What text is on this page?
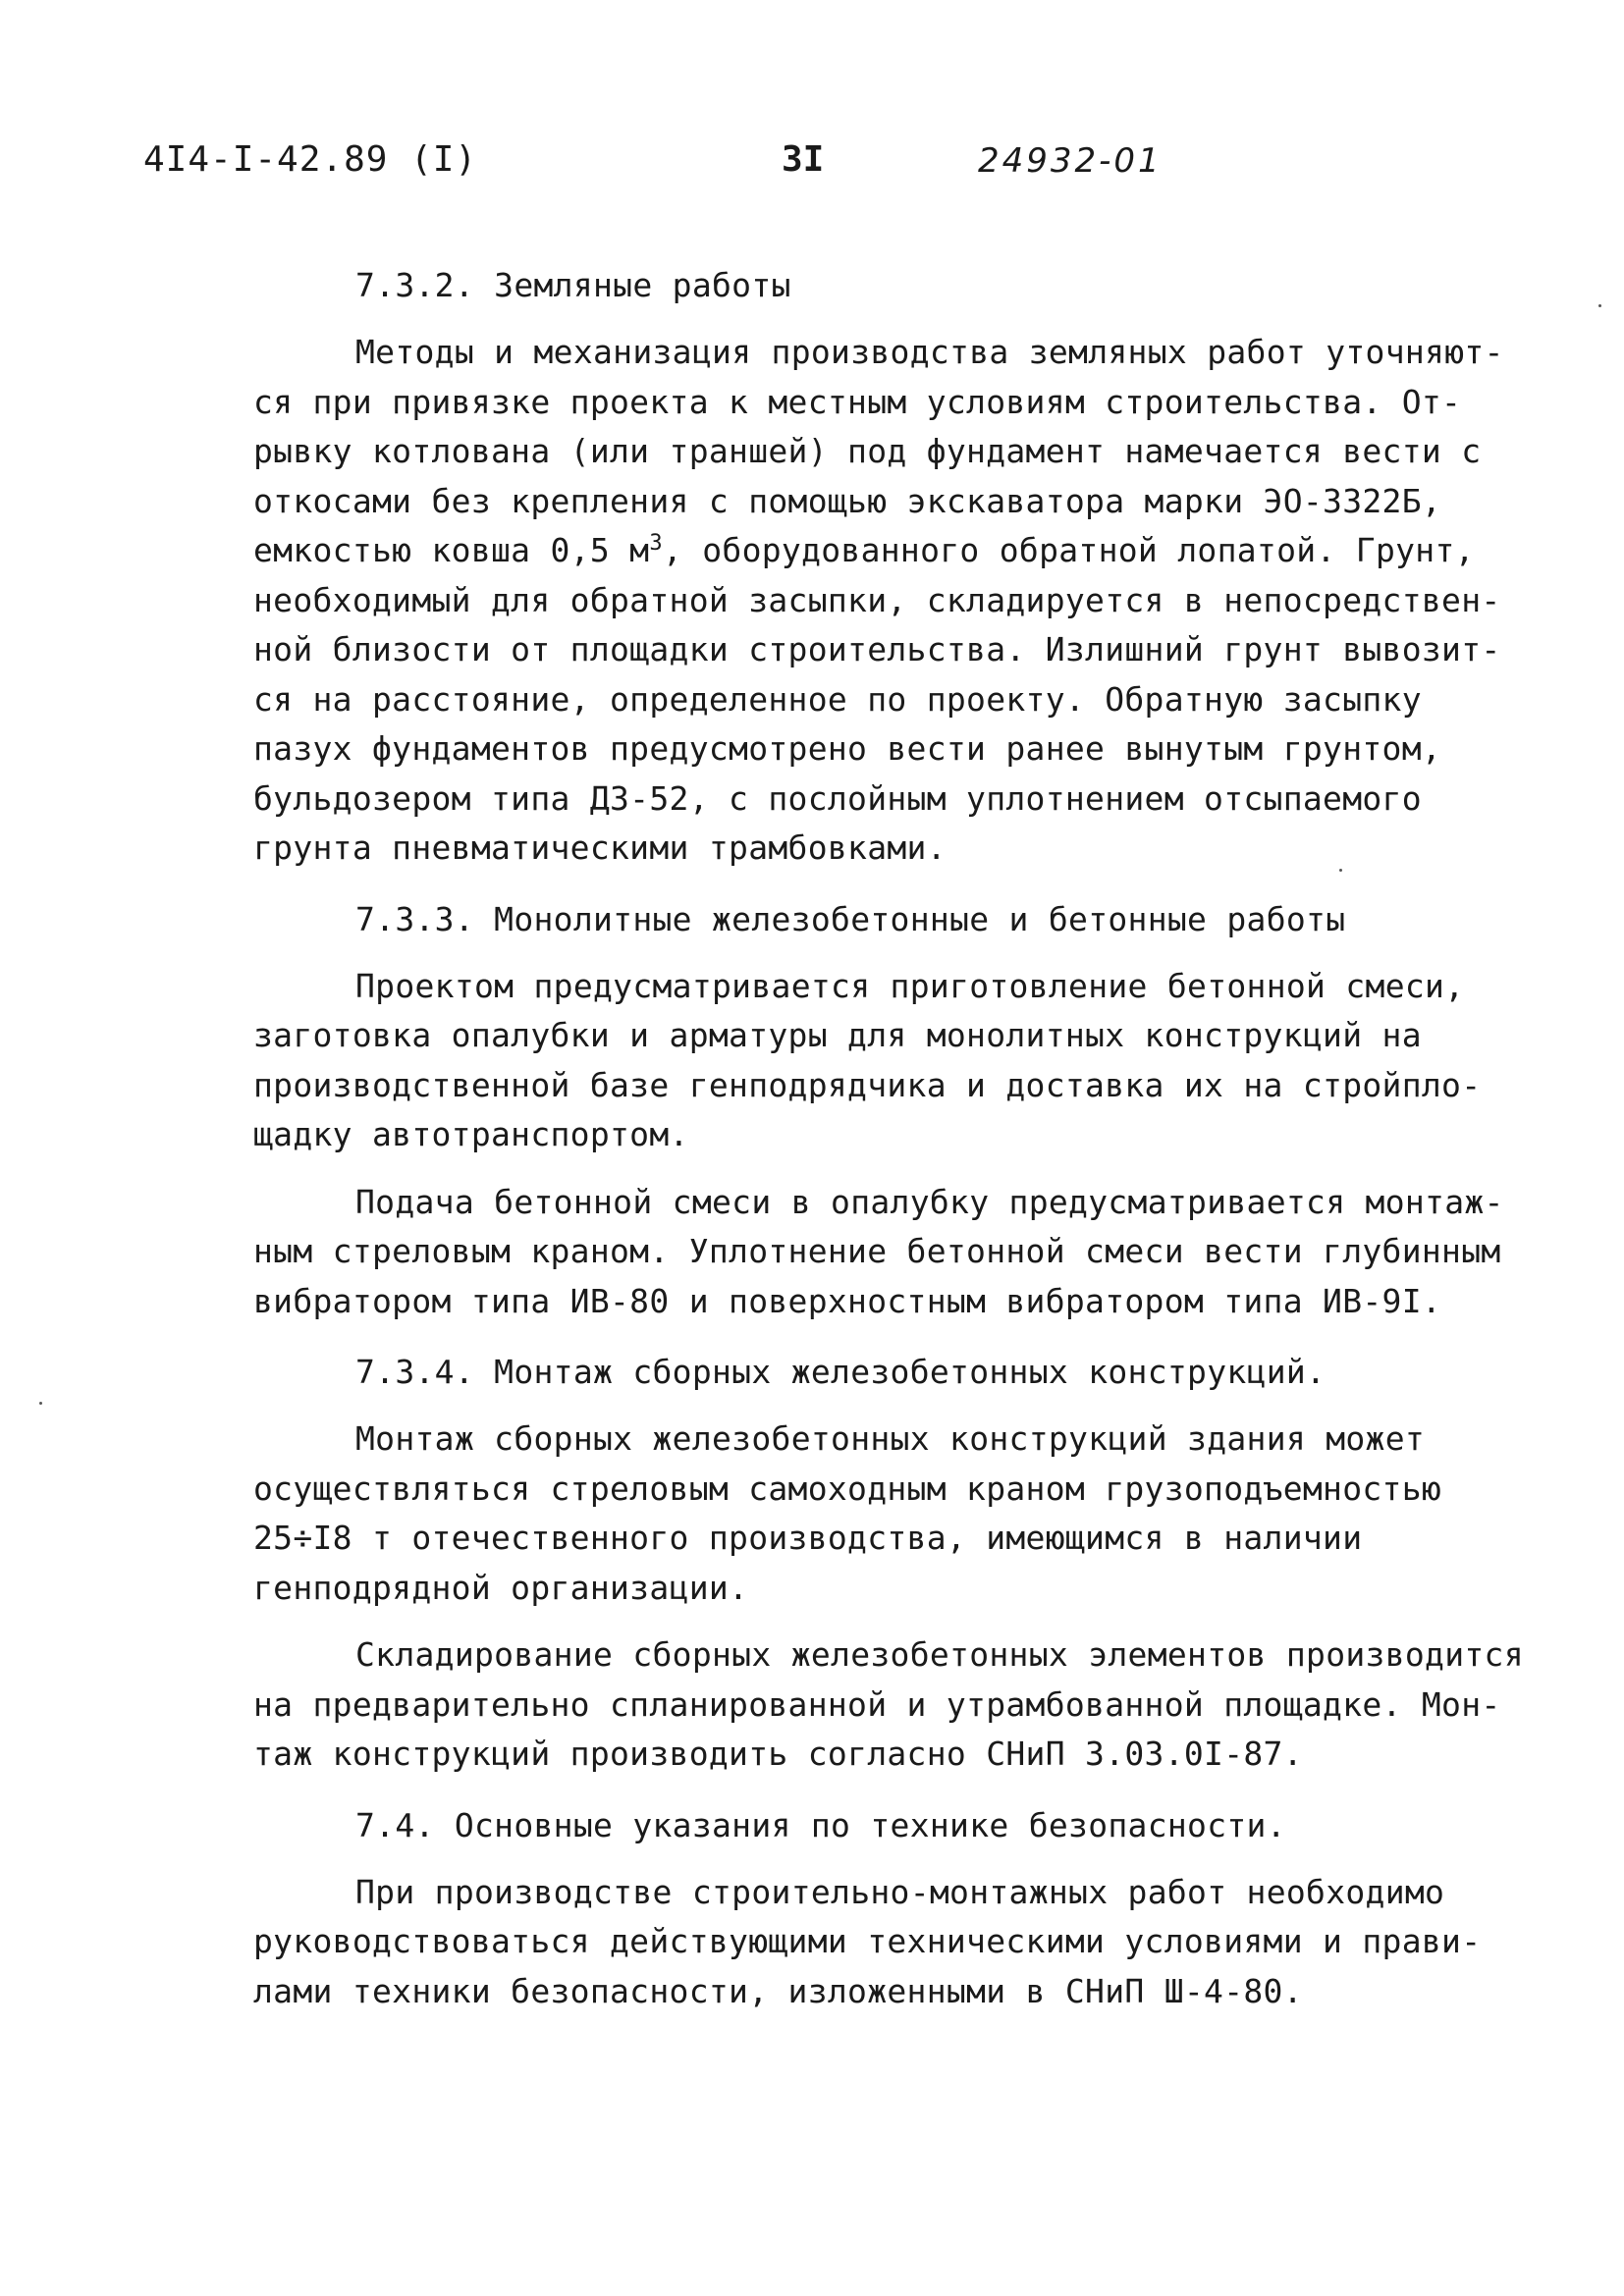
4I4-I-42.89 (I)	3I	24932-01
7.3.2. Земляные работы
Методы и механизация производства земляных работ уточняют-
ся при привязке проекта к местным условиям строительства. От-
рывку котлована (или траншей) под фундамент намечается вести с
откосами без крепления с помощью экскаватора марки ЭО-3322Б,
емкостью ковша 0,5 $м^3$, оборудованного обратной лопатой. Грунт,
необходимый для обратной засыпки, складируется в непосредствен-
ной близости от площадки строительства. Излишний грунт вывозит-
ся на расстояние, определенное по проекту. Обратную засыпку
пазух фундаментов предусмотрено вести ранее вынутым грунтом,
бульдозером типа ДЗ-52, с послойным уплотнением отсыпаемого
грунта пневматическими трамбовками.
7.3.3. Монолитные железобетонные и бетонные работы
Проектом предусматривается приготовление бетонной смеси,
заготовка опалубки и арматуры для монолитных конструкций на
производственной базе генподрядчика и доставка их на стройпло-
щадку автотранспортом.
Подача бетонной смеси в опалубку предусматривается монтаж-
ным стреловым краном. Уплотнение бетонной смеси вести глубинным
вибратором типа ИВ-80 и поверхностным вибратором типа ИВ-9I.
7.3.4. Монтаж сборных железобетонных конструкций.
Монтаж сборных железобетонных конструкций здания может
осуществляться стреловым самоходным краном грузоподъемностью
25÷I8 т отечественного производства, имеющимся в наличии
генподрядной организации.
Складирование сборных железобетонных элементов производится
на предварительно спланированной и утрамбованной площадке. Мон-
таж конструкций производить согласно СНиП 3.03.0I-87.
7.4. Основные указания по технике безопасности.
При производстве строительно-монтажных работ необходимо
руководствоваться действующими техническими условиями и прави-
лами техники безопасности, изложенными в СНиП Ш-4-80.
